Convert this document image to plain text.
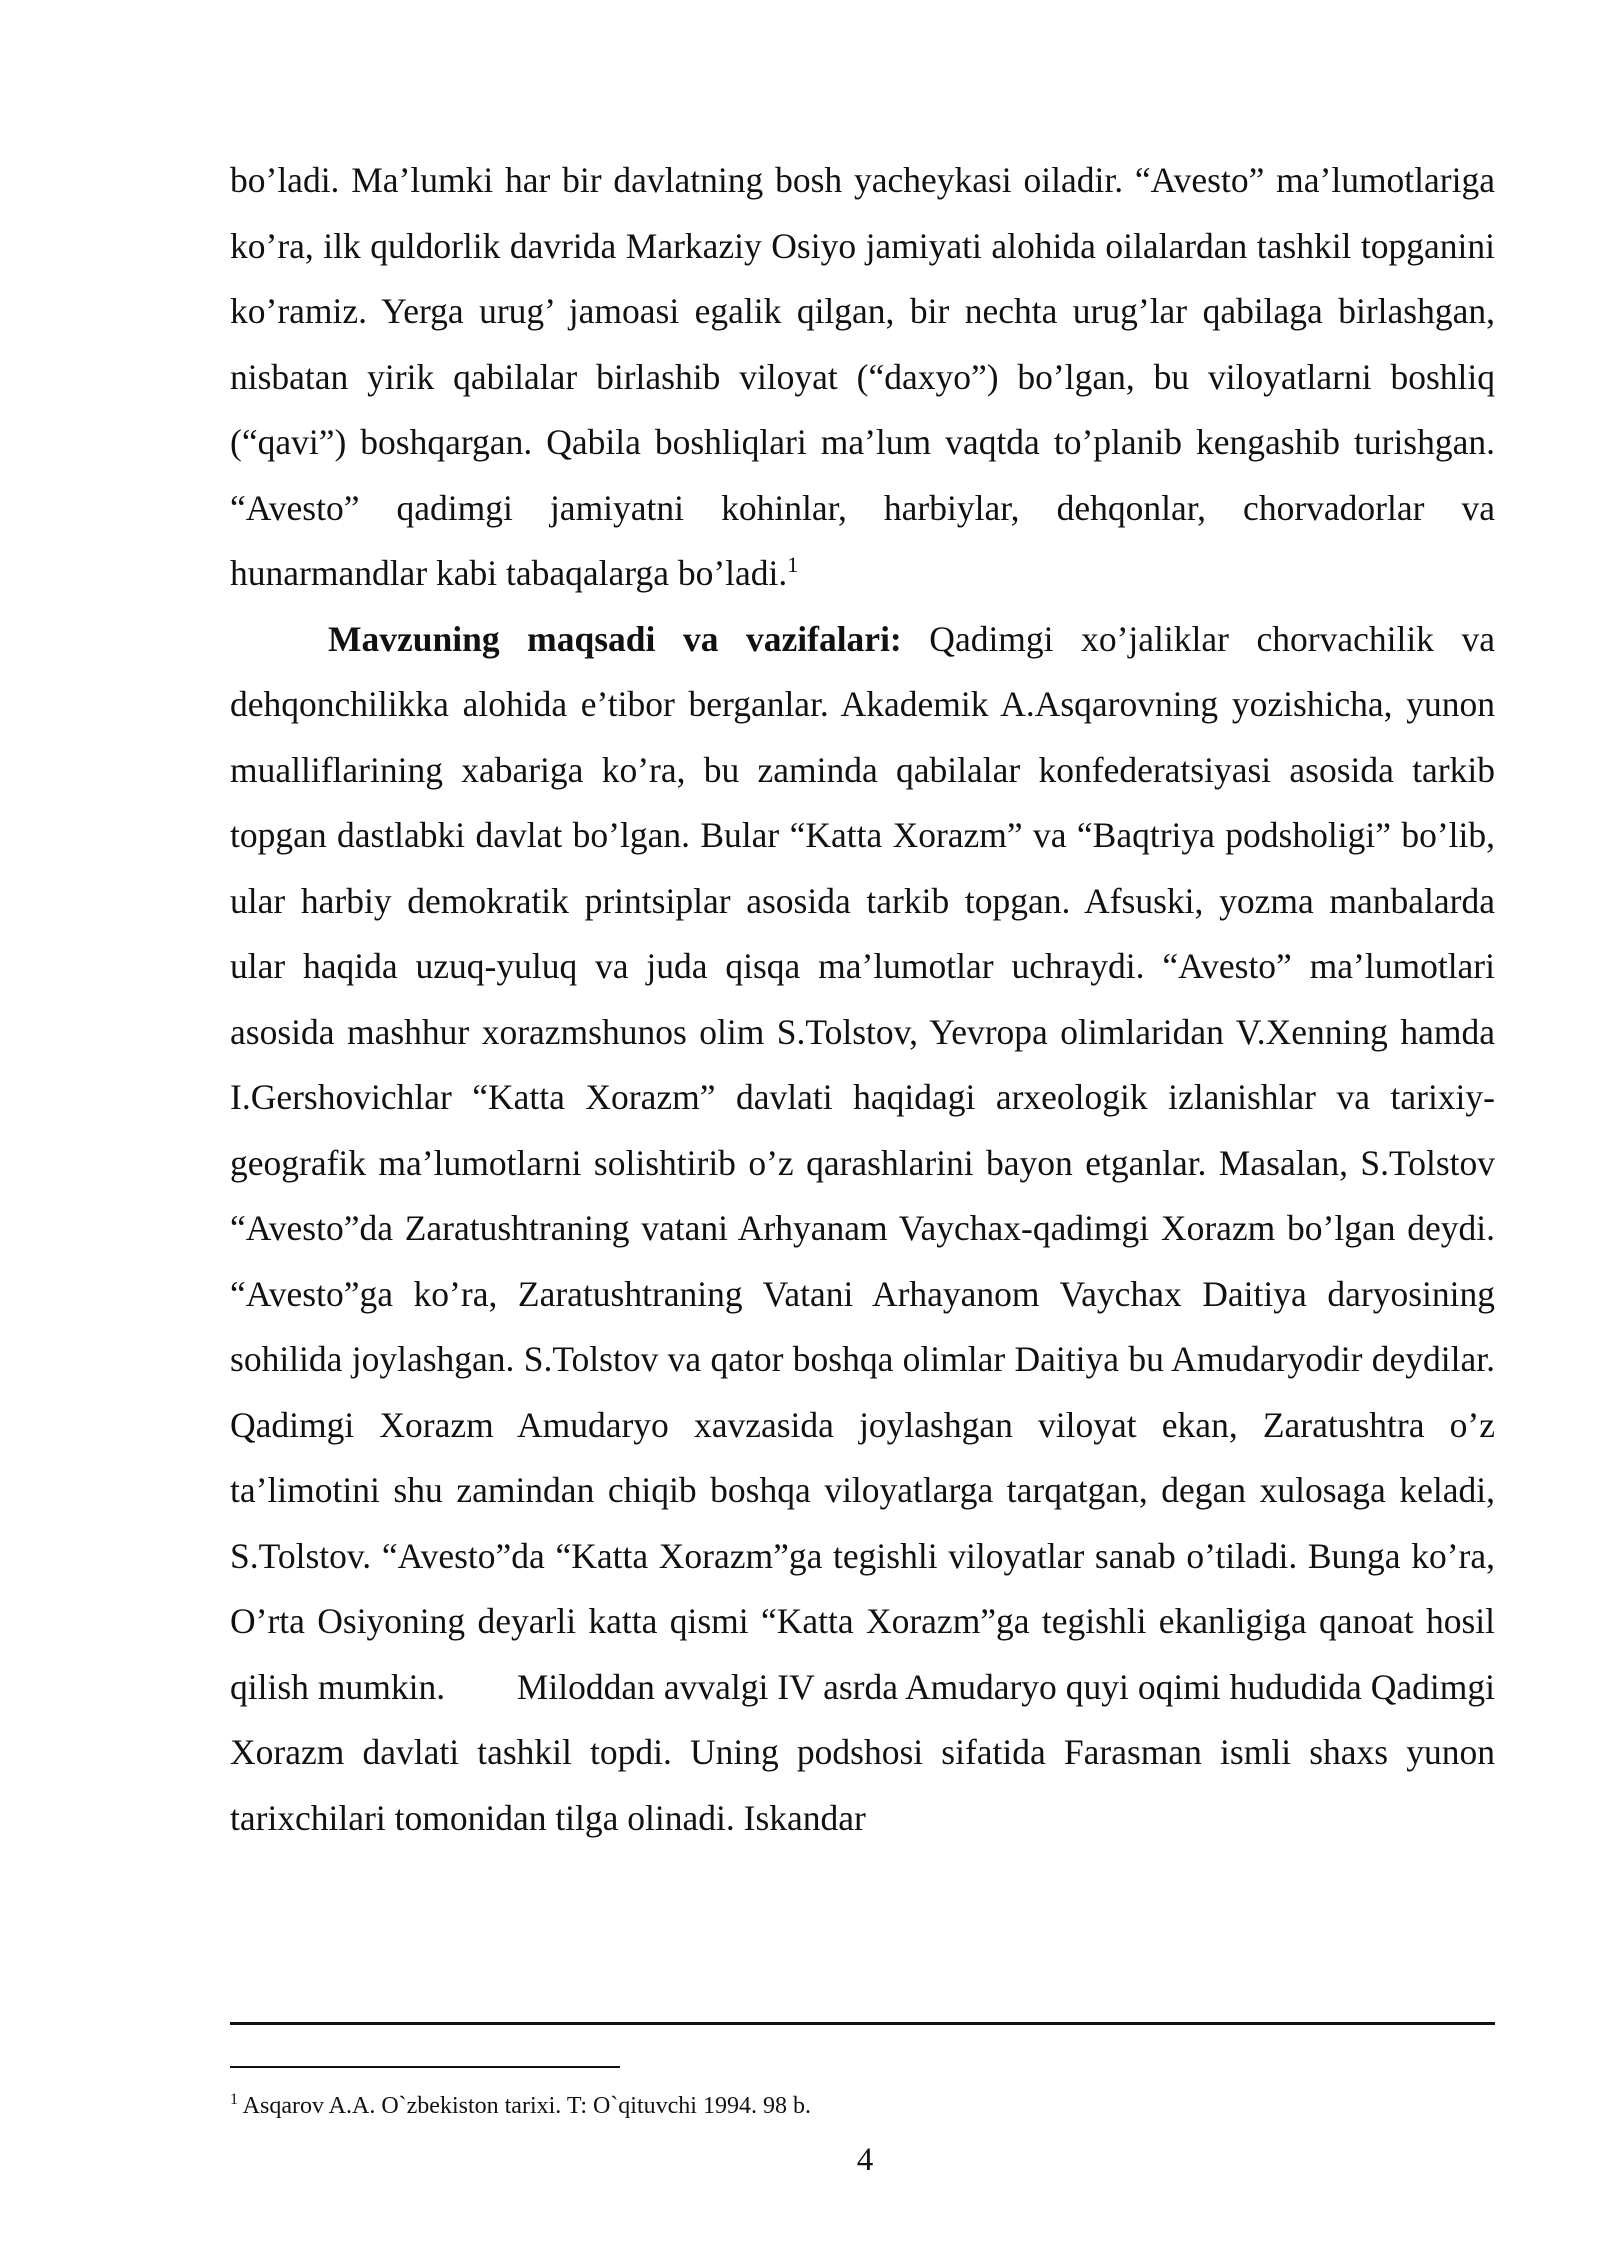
bo’ladi. Ma’lumki har bir davlatning bosh yacheykasi oiladir. “Avesto” ma’lumotlariga ko’ra, ilk quldorlik davrida Markaziy Osiyo jamiyati alohida oilalardan tashkil topganini ko’ramiz. Yerga urug’ jamoasi egalik qilgan, bir nechta urug’lar qabilaga birlashgan, nisbatan yirik qabilalar birlashib viloyat (“daxyo”) bo’lgan, bu viloyatlarni boshliq (“qavi”) boshqargan. Qabila boshliqlari ma’lum vaqtda to’planib kengashib turishgan. “Avesto” qadimgi jamiyatni kohinlar, harbiylar, dehqonlar, chorvadorlar va hunarmandlar kabi tabaqalarga bo’ladi.$^1$

Mavzuning maqsadi va vazifalari: Qadimgi xo’jaliklar chorvachilik va dehqonchilikka alohida e’tibor berganlar. Akademik A.Asqarovning yozishicha, yunon mualliflarining xabariga ko’ra, bu zaminda qabilalar konfederatsiyasi asosida tarkib topgan dastlabki davlat bo’lgan. Bular “Katta Xorazm” va “Baqtriya podsholigi” bo’lib, ular harbiy demokratik printsiplar asosida tarkib topgan. Afsuski, yozma manbalarda ular haqida uzuq-yuluq va juda qisqa ma’lumotlar uchraydi. “Avesto” ma’lumotlari asosida mashhur xorazmshunos olim S.Tolstov, Yevropa olimlaridan V.Xenning hamda I.Gershovichlar “Katta Xorazm” davlati haqidagi arxeologik izlanishlar va tarixiy-geografik ma’lumotlarni solishtirib o’z qarashlarini bayon etganlar. Masalan, S.Tolstov “Avesto”da Zaratushtraning vatani Arhyanam Vaychax-qadimgi Xorazm bo’lgan deydi. “Avesto”ga ko’ra, Zaratushtraning Vatani Arhayanom Vaychax Daitiya daryosining sohilida joylashgan. S.Tolstov va qator boshqa olimlar Daitiya bu Amudaryodir deydilar. Qadimgi Xorazm Amudaryo xavzasida joylashgan viloyat ekan, Zaratushtra o’z ta’limotini shu zamindan chiqib boshqa viloyatlarga tarqatgan, degan xulosaga keladi, S.Tolstov. “Avesto”da “Katta Xorazm”ga tegishli viloyatlar sanab o’tiladi. Bunga ko’ra, O’rta Osiyoning deyarli katta qismi “Katta Xorazm”ga tegishli ekanligiga qanoat hosil qilish mumkin.        Miloddan avvalgi IV asrda Amudaryo quyi oqimi hududida Qadimgi Xorazm davlati tashkil topdi. Uning podshosi sifatida Farasman ismli shaxs yunon tarixchilari tomonidan tilga olinadi. Iskandar

$^1$ Asqarov A.A. O`zbekiston tarixi. T: O`qituvchi 1994. 98 b.
4
